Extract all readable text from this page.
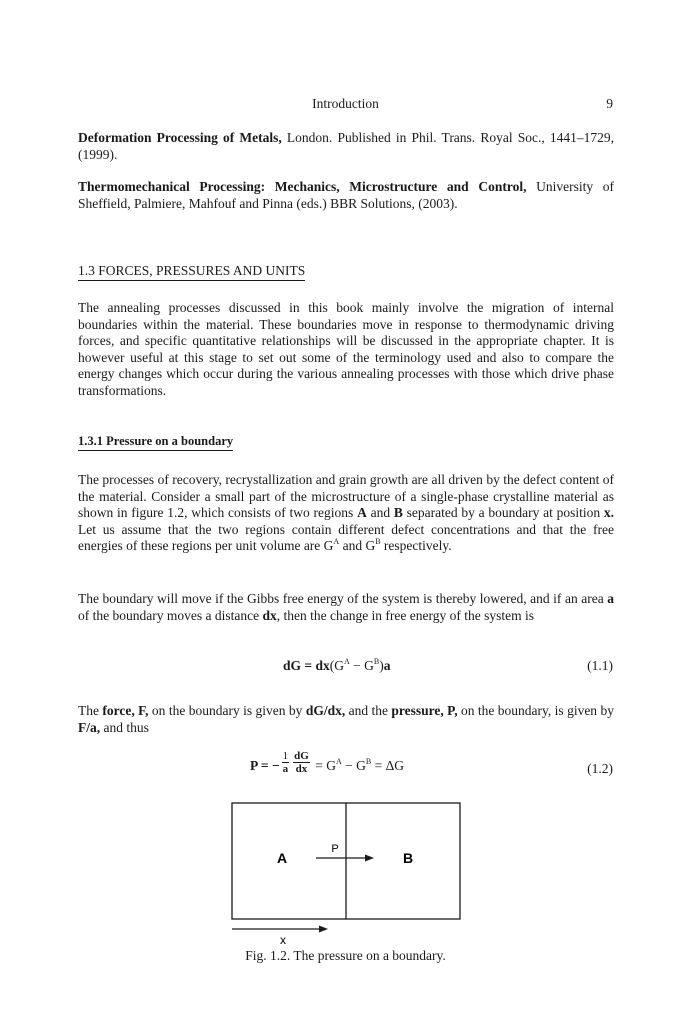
Introduction	9
Deformation Processing of Metals, London. Published in Phil. Trans. Royal Soc., 1441–1729, (1999).
Thermomechanical Processing: Mechanics, Microstructure and Control, University of Sheffield, Palmiere, Mahfouf and Pinna (eds.) BBR Solutions, (2003).
1.3 FORCES, PRESSURES AND UNITS
The annealing processes discussed in this book mainly involve the migration of internal boundaries within the material. These boundaries move in response to thermodynamic driving forces, and specific quantitative relationships will be discussed in the appropriate chapter. It is however useful at this stage to set out some of the terminology used and also to compare the energy changes which occur during the various annealing processes with those which drive phase transformations.
1.3.1 Pressure on a boundary
The processes of recovery, recrystallization and grain growth are all driven by the defect content of the material. Consider a small part of the microstructure of a single-phase crystalline material as shown in figure 1.2, which consists of two regions A and B separated by a boundary at position x. Let us assume that the two regions contain different defect concentrations and that the free energies of these regions per unit volume are $G^A$ and $G^B$ respectively.
The boundary will move if the Gibbs free energy of the system is thereby lowered, and if an area a of the boundary moves a distance dx, then the change in free energy of the system is
dG = $dx(G^A - G^B)a$	(1.1)
The force, F, on the boundary is given by dG/dx, and the pressure, P, on the boundary, is given by F/a, and thus
P = − $\frac{1}{a}$ dG
dx = $G^A - G^B = \Delta G$	(1.2)
A	B
P
x
Fig. 1.2. The pressure on a boundary.
